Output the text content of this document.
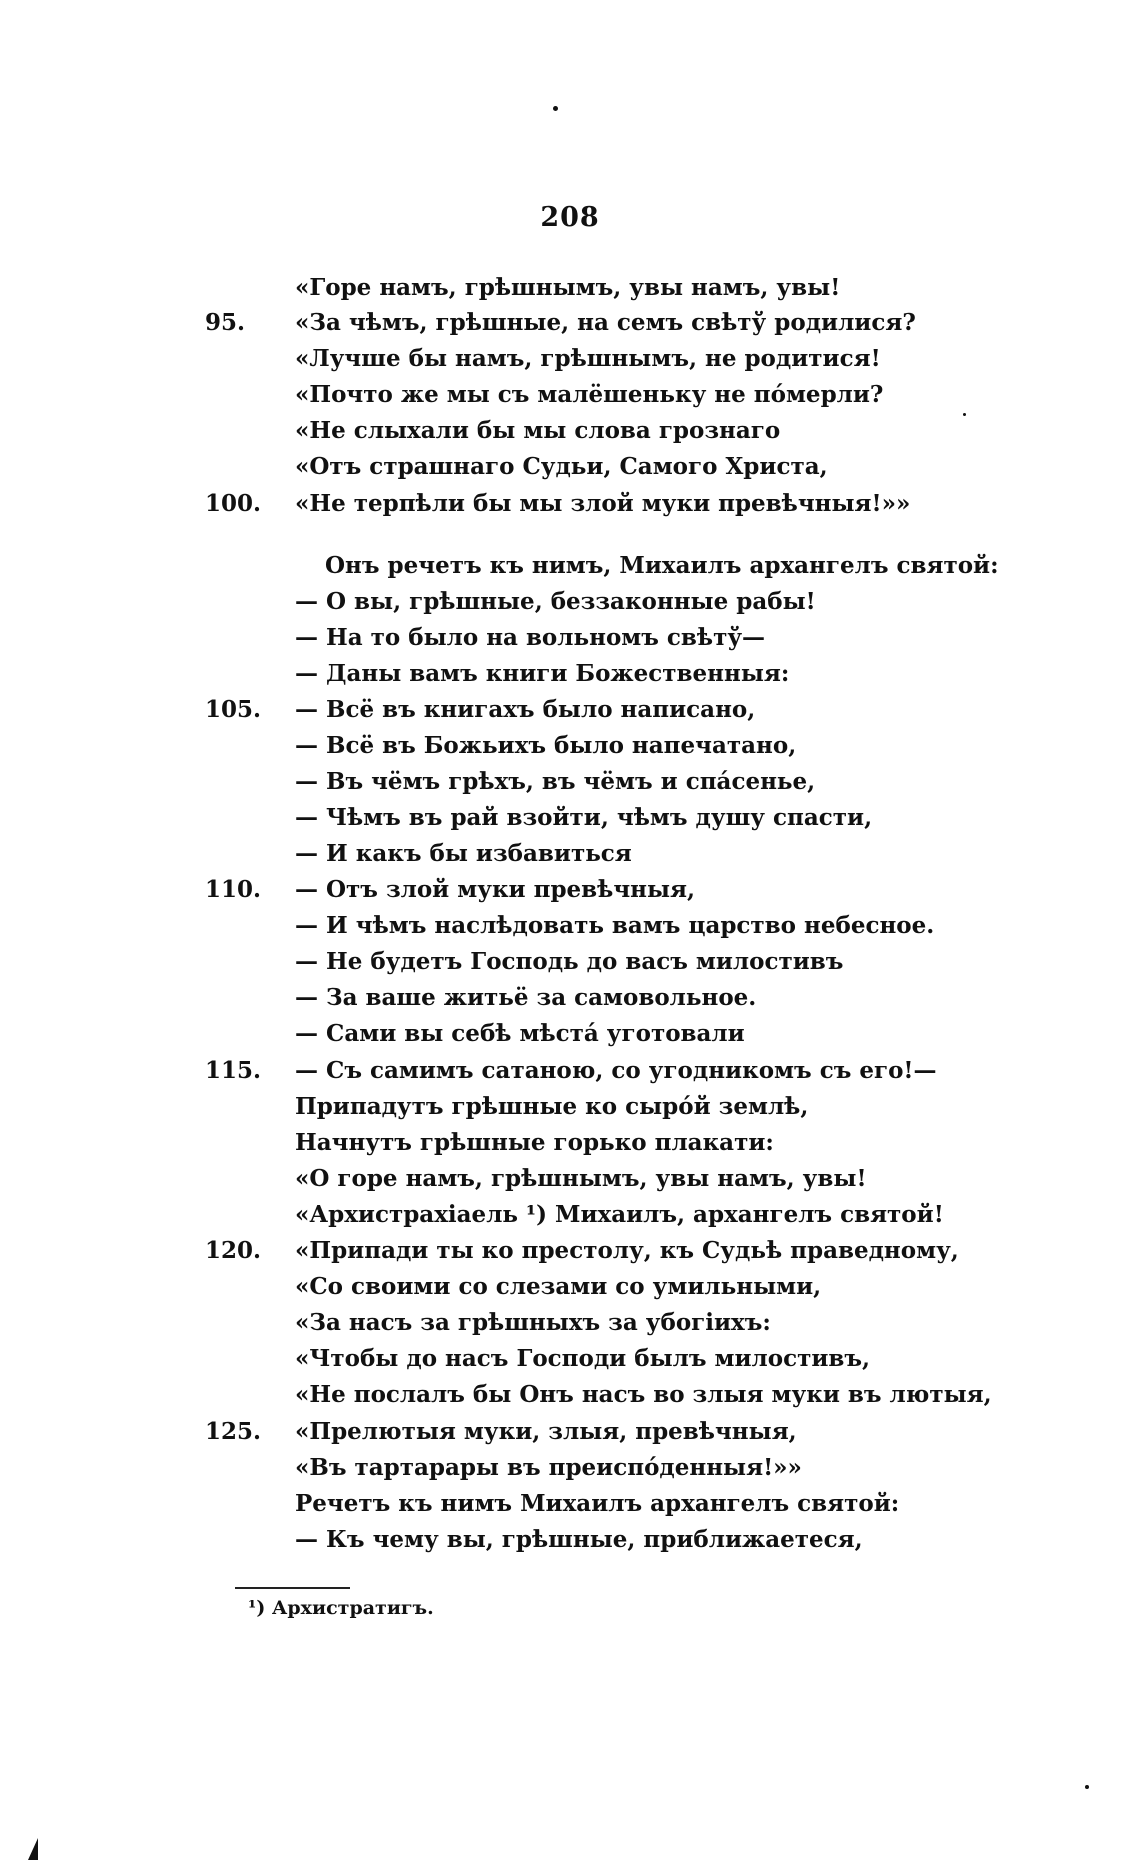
208
«Горе намъ, грѣшнымъ, увы намъ, увы!
95.	«За чѣмъ, грѣшные, на семъ свѣтў родилися?
«Лучше бы намъ, грѣшнымъ, не родитися!
«Почто же мы съ малёшеньку не пóмерли?
«Не слыхали бы мы слова грознаго
«Отъ страшнаго Судьи, Самого Христа,
100.	«Не терпѣли бы мы злой муки превѣчныя!»»
Онъ речетъ къ нимъ, Михаилъ архангелъ святой:
— О вы, грѣшные, беззаконные рабы!
— На то было на вольномъ свѣтў—
— Даны вамъ книги Божественныя:
105.	— Всё въ книгахъ было написано,
— Всё въ Божьихъ было напечатано,
— Въ чёмъ грѣхъ, въ чёмъ и спáсенье,
— Чѣмъ въ рай взойти, чѣмъ душу спасти,
— И какъ бы избавиться
110.	— Отъ злой муки превѣчныя,
— И чѣмъ наслѣдовать вамъ царство небесное.
— Не будетъ Господь до васъ милостивъ
— За ваше житьё за самовольное.
— Сами вы себѣ мѣстá уготовали
115.	— Съ самимъ сатаною, со угодникомъ съ его!—
Припадутъ грѣшные ко сырóй землѣ,
Начнутъ грѣшные горько плакати:
«О горе намъ, грѣшнымъ, увы намъ, увы!
«Архистрахіаель ¹) Михаилъ, архангелъ святой!
120.	«Припади ты ко престолу, къ Судьѣ праведному,
«Со своими со слезами со умильными,
«За насъ за грѣшныхъ за убогіихъ:
«Чтобы до насъ Господи былъ милостивъ,
«Не послалъ бы Онъ насъ во злыя муки въ лютыя,
125.	«Прелютыя муки, злыя, превѣчныя,
«Въ тартарары въ преиспóденныя!»»
Речетъ къ нимъ Михаилъ архангелъ святой:
— Къ чему вы, грѣшные, приближаетеся,
¹) Архистратигъ.
